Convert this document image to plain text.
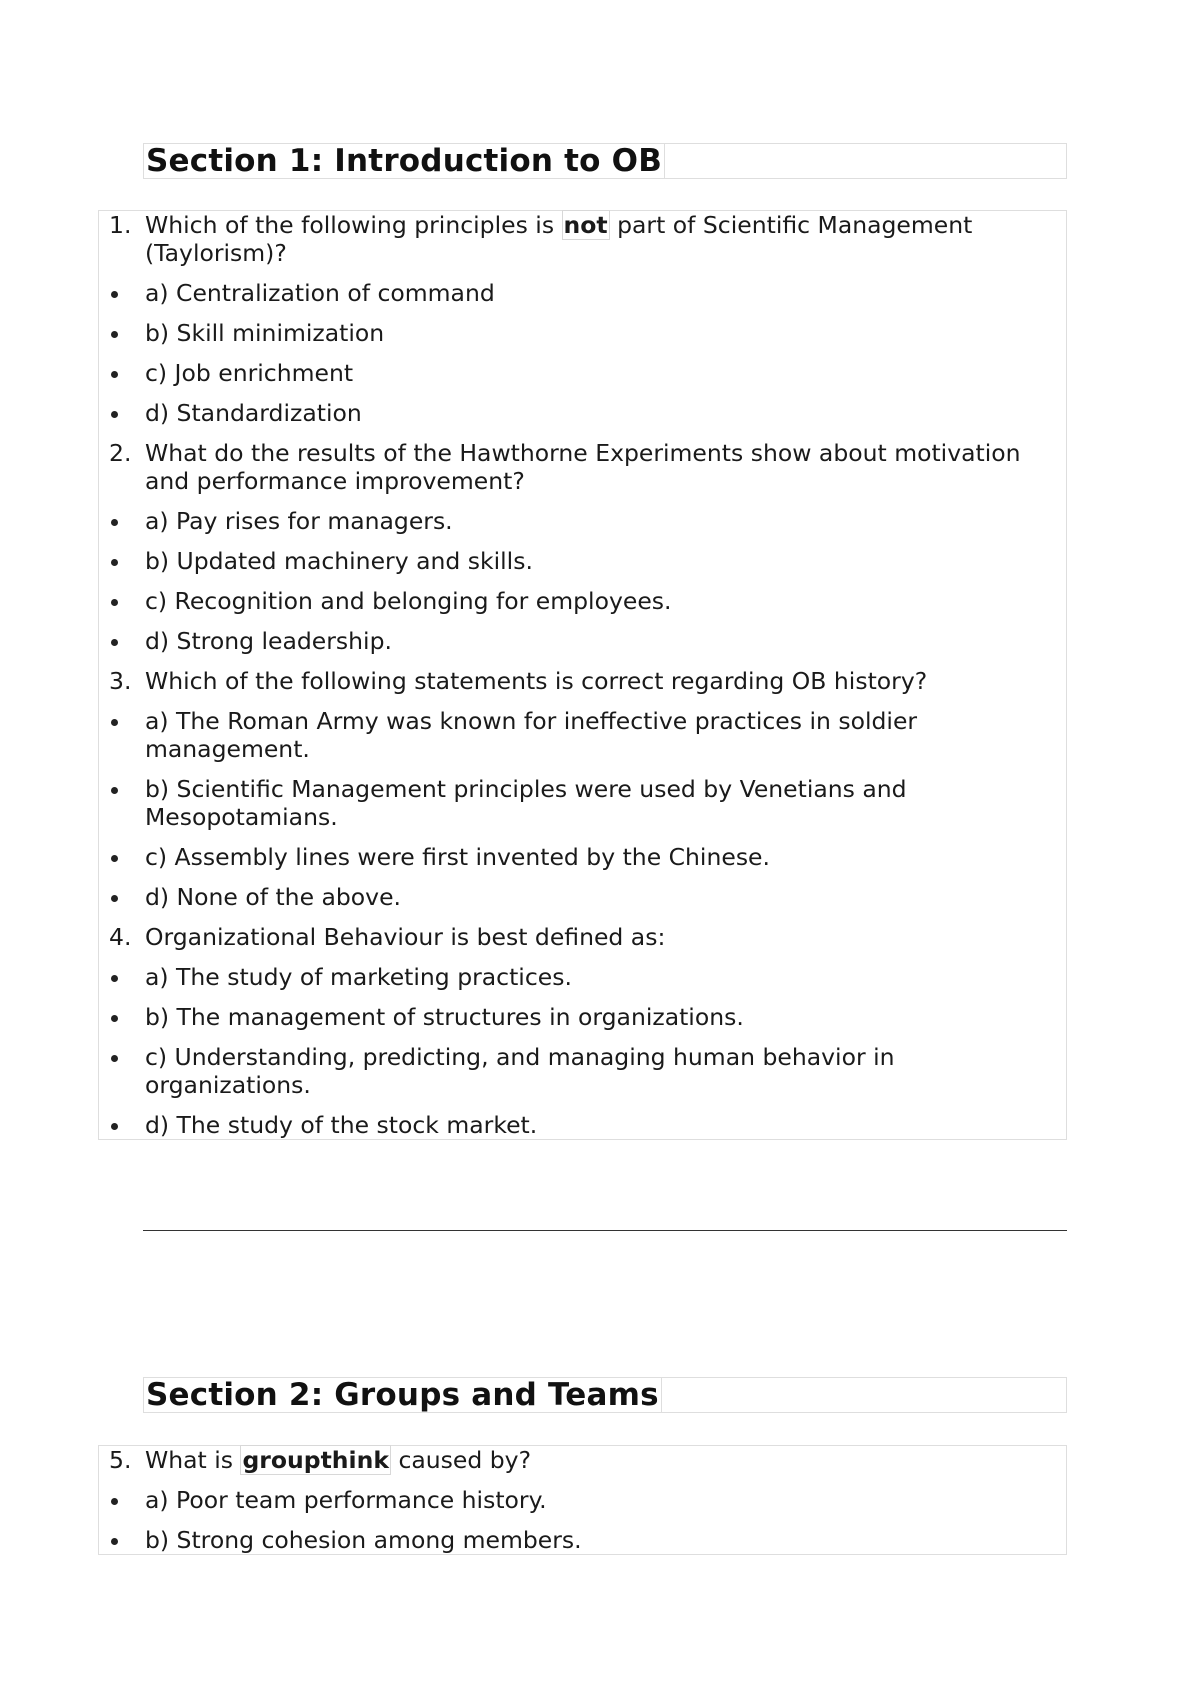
Section 1: Introduction to OB
1. Which of the following principles is not part of Scientific Management (Taylorism)?
a) Centralization of command
b) Skill minimization
c) Job enrichment
d) Standardization
2. What do the results of the Hawthorne Experiments show about motivation and performance improvement?
a) Pay rises for managers.
b) Updated machinery and skills.
c) Recognition and belonging for employees.
d) Strong leadership.
3. Which of the following statements is correct regarding OB history?
a) The Roman Army was known for ineffective practices in soldier management.
b) Scientific Management principles were used by Venetians and Mesopotamians.
c) Assembly lines were first invented by the Chinese.
d) None of the above.
4. Organizational Behaviour is best defined as:
a) The study of marketing practices.
b) The management of structures in organizations.
c) Understanding, predicting, and managing human behavior in organizations.
d) The study of the stock market.
Section 2: Groups and Teams
5. What is groupthink caused by?
a) Poor team performance history.
b) Strong cohesion among members.
